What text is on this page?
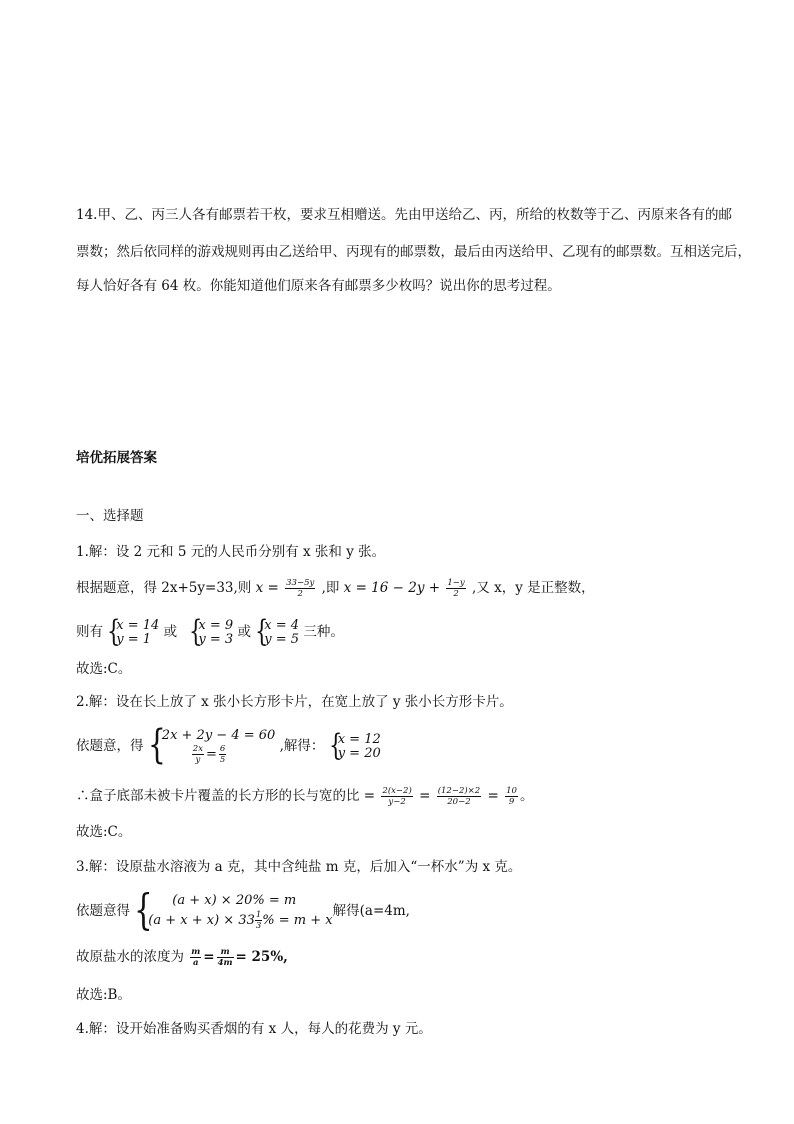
14.甲、乙、丙三人各有邮票若干枚，要求互相赠送。先由甲送给乙、丙，所给的枚数等于乙、丙原来各有的邮
票数；然后依同样的游戏规则再由乙送给甲、丙现有的邮票数，最后由丙送给甲、乙现有的邮票数。互相送完后，
每人恰好各有 64 枚。你能知道他们原来各有邮票多少枚吗？说出你的思考过程。
培优拓展答案
一、选择题
1.解：设 2 元和 5 元的人民币分别有 x 张和 y 张。
根据题意，得 2x+5y=33,则 $x = \frac{33-5y}{2}$ ,即 $x = 16 - 2y + \frac{1-y}{2}$ ,又 x，y 是正整数，
则有 {
x = 14
y = 1 或 {
x = 9
y = 3 或 {
x = 4
y = 5 三种。
故选:C。
2.解：设在长上放了 x 张小长方形卡片，在宽上放了 y 张小长方形卡片。
依题意，得 {
2x + 2y − 4 = 60
$\frac{2x}{y} = \frac{6}{5}$	,解得： {
x = 12
y = 20
∴盒子底部未被卡片覆盖的长方形的长与宽的比 = $\frac{2(x-2)}{y-2} = \frac{(12-2)\times 2}{20-2} = \frac{10}{9}$ 。
故选:C。
3.解：设原盐水溶液为 a 克，其中含纯盐 m 克，后加入“一杯水”为 x 克。
依题意得 {	(a + x) × 20% = m
$(a + x + x) \times 33 \frac{1}{3}$ % = m + x
解得(a=4m,
故原盐水的浓度为 $\frac{m}{a} = \frac{m}{4m} = 25\%$,
故选:B。
4.解：设开始准备购买香烟的有 x 人，每人的花费为 y 元。
